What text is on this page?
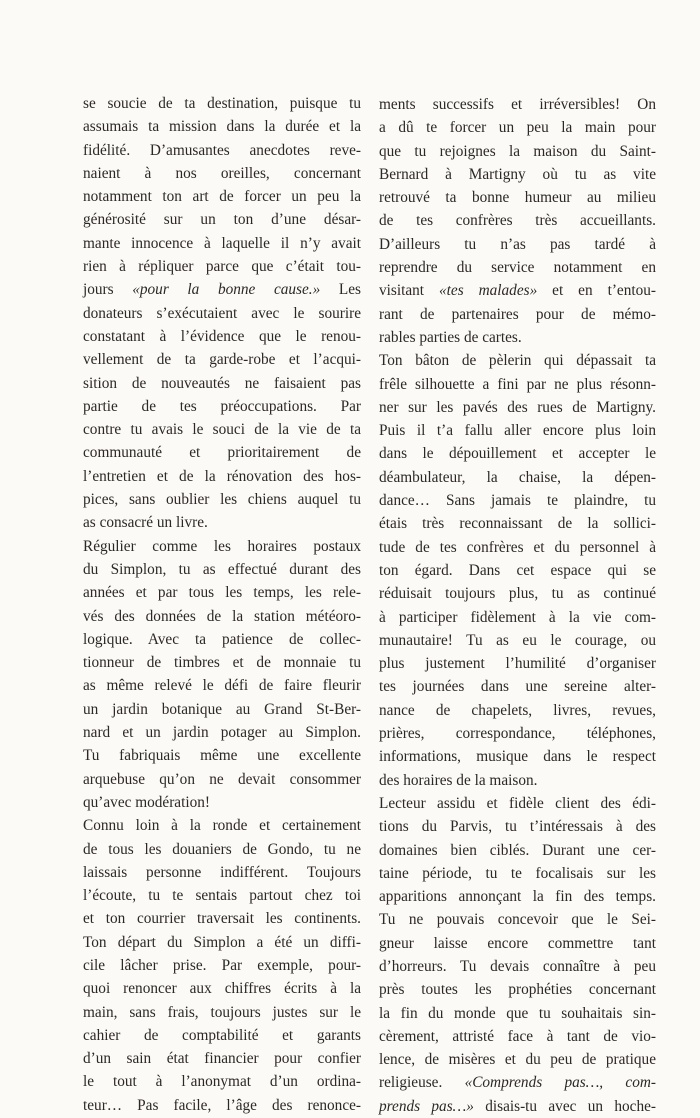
se soucie de ta destination, puisque tu
assumais ta mission dans la durée et la
fidélité. D’amusantes anecdotes reve-
naient à nos oreilles, concernant
notamment ton art de forcer un peu la
générosité sur un ton d’une désar-
mante innocence à laquelle il n’y avait
rien à répliquer parce que c’était tou-
jours «pour la bonne cause.» Les
donateurs s’exécutaient avec le sourire
constatant à l’évidence que le renou-
vellement de ta garde-robe et l’acqui-
sition de nouveautés ne faisaient pas
partie de tes préoccupations. Par
contre tu avais le souci de la vie de ta
communauté et prioritairement de
l’entretien et de la rénovation des hos-
pices, sans oublier les chiens auquel tu
as consacré un livre.

Régulier comme les horaires postaux
du Simplon, tu as effectué durant des
années et par tous les temps, les rele-
vés des données de la station météoro-
logique. Avec ta patience de collec-
tionneur de timbres et de monnaie tu
as même relevé le défi de faire fleurir
un jardin botanique au Grand St-Ber-
nard et un jardin potager au Simplon.
Tu fabriquais même une excellente
arquebuse qu’on ne devait consommer
qu’avec modération!

Connu loin à la ronde et certainement
de tous les douaniers de Gondo, tu ne
laissais personne indifférent. Toujours
l’écoute, tu te sentais partout chez toi
et ton courrier traversait les continents.
Ton départ du Simplon a été un diffi-
cile lâcher prise. Par exemple, pour-
quoi renoncer aux chiffres écrits à la
main, sans frais, toujours justes sur le
cahier de comptabilité et garants
d’un sain état financier pour confier
le tout à l’anonymat d’un ordina-
teur… Pas facile, l’âge des renonce-

ments successifs et irréversibles! On
a dû te forcer un peu la main pour
que tu rejoignes la maison du Saint-
Bernard à Martigny où tu as vite
retrouvé ta bonne humeur au milieu
de tes confrères très accueillants.
D’ailleurs tu n’as pas tardé à
reprendre du service notamment en
visitant «tes malades» et en t’entou-
rant de partenaires pour de mémo-
rables parties de cartes.

Ton bâton de pèlerin qui dépassait ta
frêle silhouette a fini par ne plus résonn-
ner sur les pavés des rues de Martigny.
Puis il t’a fallu aller encore plus loin
dans le dépouillement et accepter le
déambulateur, la chaise, la dépen-
dance… Sans jamais te plaindre, tu
étais très reconnaissant de la sollici-
tude de tes confrères et du personnel à
ton égard. Dans cet espace qui se
réduisait toujours plus, tu as continué
à participer fidèlement à la vie com-
munautaire! Tu as eu le courage, ou
plus justement l’humilité d’organiser
tes journées dans une sereine alter-
nance de chapelets, livres, revues,
prières, correspondance, téléphones,
informations, musique dans le respect
des horaires de la maison.

Lecteur assidu et fidèle client des édi-
tions du Parvis, tu t’intéressais à des
domaines bien ciblés. Durant une cer-
taine période, tu te focalisais sur les
apparitions annonçant la fin des temps.
Tu ne pouvais concevoir que le Sei-
gneur laisse encore commettre tant
d’horreurs. Tu devais connaître à peu
près toutes les prophéties concernant
la fin du monde que tu souhaitais sin-
cèrement, attristé face à tant de vio-
lence, de misères et du peu de pratique
religieuse. «Comprends pas…, com-
prends pas…» disais-tu avec un hoche-
